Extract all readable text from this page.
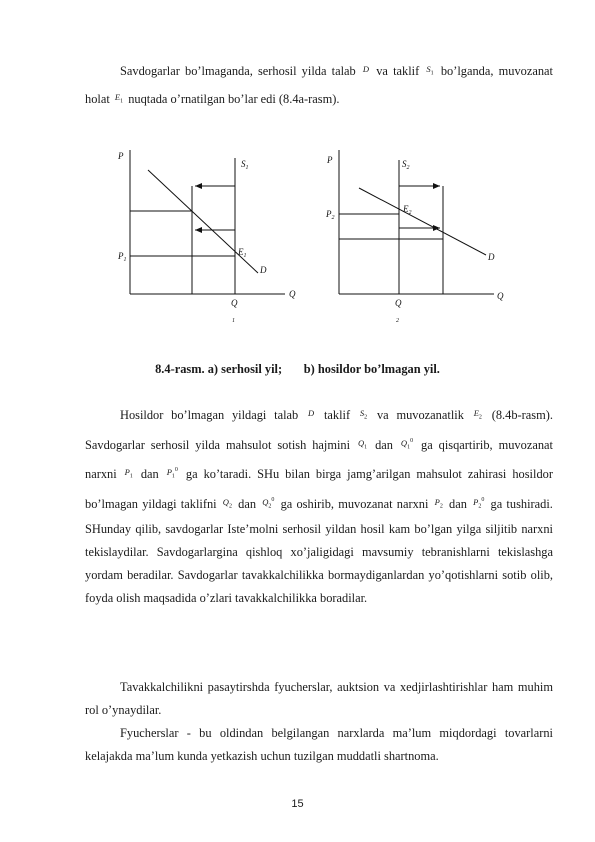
Savdogarlar bo’lmaganda, serhosil yilda talab $^D$ va taklif $^{S_1}$ bo’lganda, muvozanat holat $^{E_1}$ nuqtada o’rnatilgan bo’lar edi (8.4a-rasm).

P
$S_1$
$E_1$
D
$P_1$
Q
Q
1
P	$S_2$
$E_2$
D
$P_2$
Q
Q
2
8.4-rasm. a) serhosil yil; b) hosildor bo’lmagan yil.

Hosildor bo’lmagan yildagi talab $^D$ taklif $^{S_2}$ va muvozanatlik $^{E_2}$ (8.4b-rasm). Savdogarlar serhosil yilda mahsulot sotish hajmini $^{Q_1}$ dan $^{Q_1^0}$ ga qisqartirib, muvozanat narxni $^{P_1}$ dan $^{P_1^0}$ ga ko’taradi. SHu bilan birga jamg’arilgan mahsulot zahirasi hosildor bo’lmagan yildagi taklifni $^{Q_2}$ dan $^{Q_2^0}$ ga oshirib, muvozanat narxni $^{P_2}$ dan $^{P_2^0}$ ga tushiradi. SHunday qilib, savdogarlar Iste’molni serhosil yildan hosil kam bo’lgan yilga siljitib narxni tekislaydilar. Savdogarlargina qishloq xo’jaligidagi mavsumiy tebranishlarni tekislashga yordam beradilar. Savdogarlar tavakkalchilikka bormaydiganlardan yo’qotishlarni sotib olib, foyda olish maqsadida o’zlari tavakkalchilikka boradilar.

Tavakkalchilikni pasaytirshda fyucherslar, auktsion va xedjirlashtirishlar ham muhim rol o’ynaydilar.

Fyucherslar - bu oldindan belgilangan narxlarda ma’lum miqdordagi tovarlarni kelajakda ma’lum kunda yetkazish uchun tuzilgan muddatli shartnoma.

15
